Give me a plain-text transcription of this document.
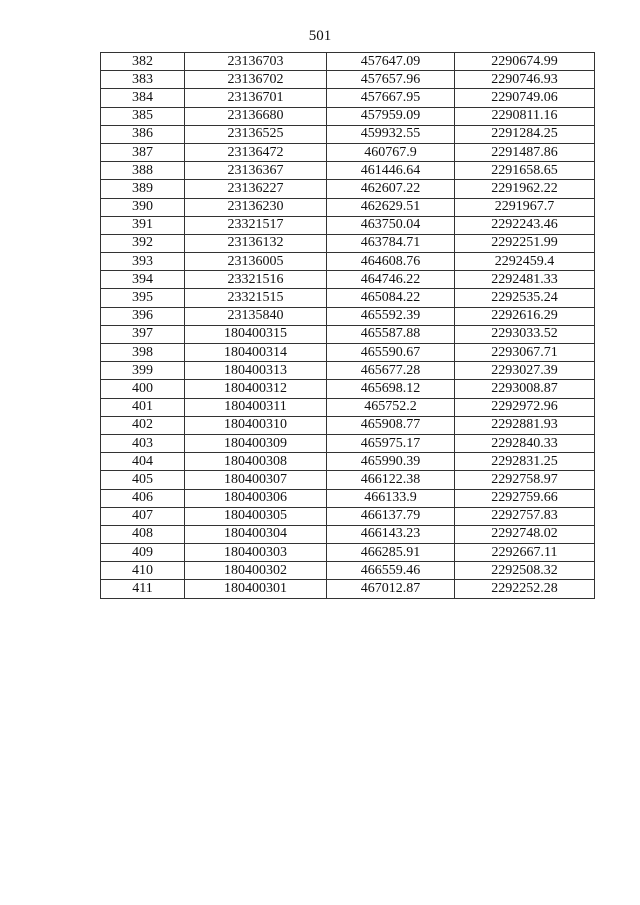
501
382	23136703	457647.09	2290674.99
383	23136702	457657.96	2290746.93
384	23136701	457667.95	2290749.06
385	23136680	457959.09	2290811.16
386	23136525	459932.55	2291284.25
387	23136472	460767.9	2291487.86
388	23136367	461446.64	2291658.65
389	23136227	462607.22	2291962.22
390	23136230	462629.51	2291967.7
391	23321517	463750.04	2292243.46
392	23136132	463784.71	2292251.99
393	23136005	464608.76	2292459.4
394	23321516	464746.22	2292481.33
395	23321515	465084.22	2292535.24
396	23135840	465592.39	2292616.29
397	180400315	465587.88	2293033.52
398	180400314	465590.67	2293067.71
399	180400313	465677.28	2293027.39
400	180400312	465698.12	2293008.87
401	180400311	465752.2	2292972.96
402	180400310	465908.77	2292881.93
403	180400309	465975.17	2292840.33
404	180400308	465990.39	2292831.25
405	180400307	466122.38	2292758.97
406	180400306	466133.9	2292759.66
407	180400305	466137.79	2292757.83
408	180400304	466143.23	2292748.02
409	180400303	466285.91	2292667.11
410	180400302	466559.46	2292508.32
411	180400301	467012.87	2292252.28
